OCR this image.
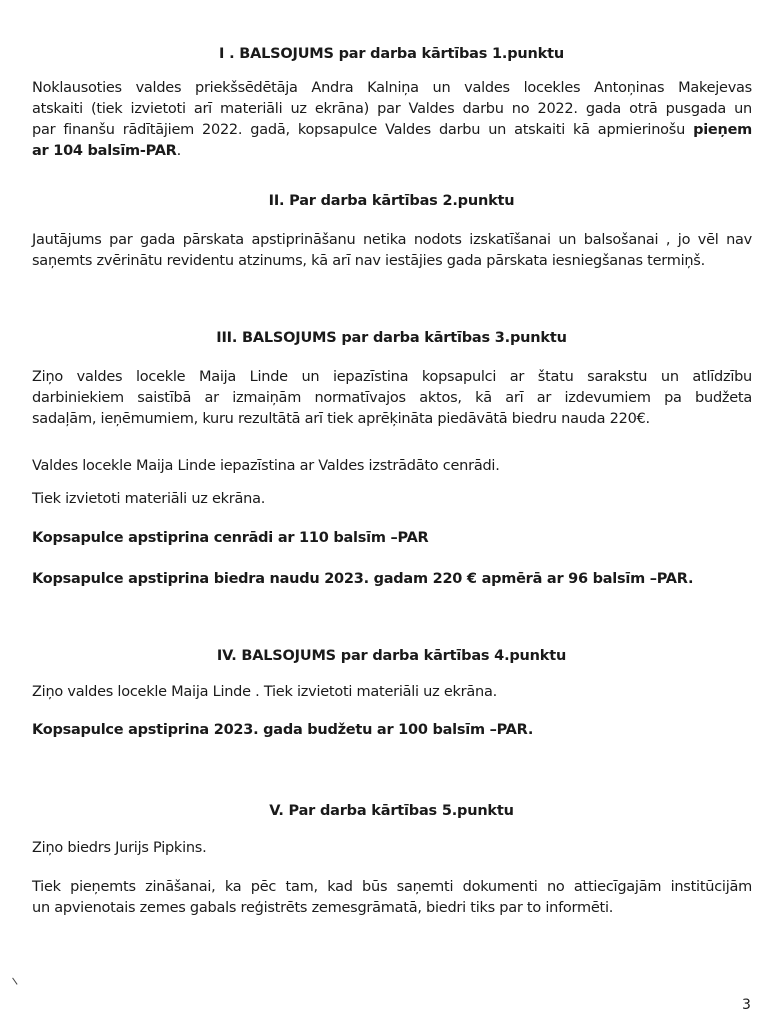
I . BALSOJUMS par darba kārtības 1.punktu
Noklausoties valdes priekšsēdētāja Andra Kalniņa un valdes locekles Antoņinas Makejevas
atskaiti (tiek izvietoti arī materiāli uz ekrāna) par Valdes darbu no 2022. gada otrā pusgada un
par finanšu rādītājiem 2022. gadā, kopsapulce Valdes darbu un atskaiti kā apmierinošu pieņem
ar 104 balsīm-PAR.
II. Par darba kārtības 2.punktu
Jautājums par gada pārskata apstiprināšanu netika nodots izskatīšanai un balsošanai , jo vēl nav
saņemts zvērinātu revidentu atzinums, kā arī nav iestājies gada pārskata iesniegšanas termiņš.
III. BALSOJUMS par darba kārtības 3.punktu
Ziņo valdes locekle Maija Linde un iepazīstina kopsapulci ar štatu sarakstu un atlīdzību
darbiniekiem saistībā ar izmaiņām normatīvajos aktos, kā arī ar izdevumiem pa budžeta
sadaļām, ieņēmumiem, kuru rezultātā arī tiek aprēķināta piedāvātā biedru nauda 220€.
Valdes locekle Maija Linde iepazīstina ar Valdes izstrādāto cenrādi.
Tiek izvietoti materiāli uz ekrāna.
Kopsapulce apstiprina cenrādi ar 110 balsīm –PAR
Kopsapulce apstiprina biedra naudu 2023. gadam 220 € apmērā ar 96 balsīm –PAR.
IV. BALSOJUMS par darba kārtības 4.punktu
Ziņo valdes locekle Maija Linde . Tiek izvietoti materiāli uz ekrāna.
Kopsapulce apstiprina 2023. gada budžetu ar 100 balsīm –PAR.
V. Par darba kārtības 5.punktu
Ziņo biedrs Jurijs Pipkins.
Tiek pieņemts zināšanai, ka pēc tam, kad būs saņemti dokumenti no attiecīgajām institūcijām
un apvienotais zemes gabals reģistrēts zemesgrāmatā, biedri tiks par to informēti.
3
